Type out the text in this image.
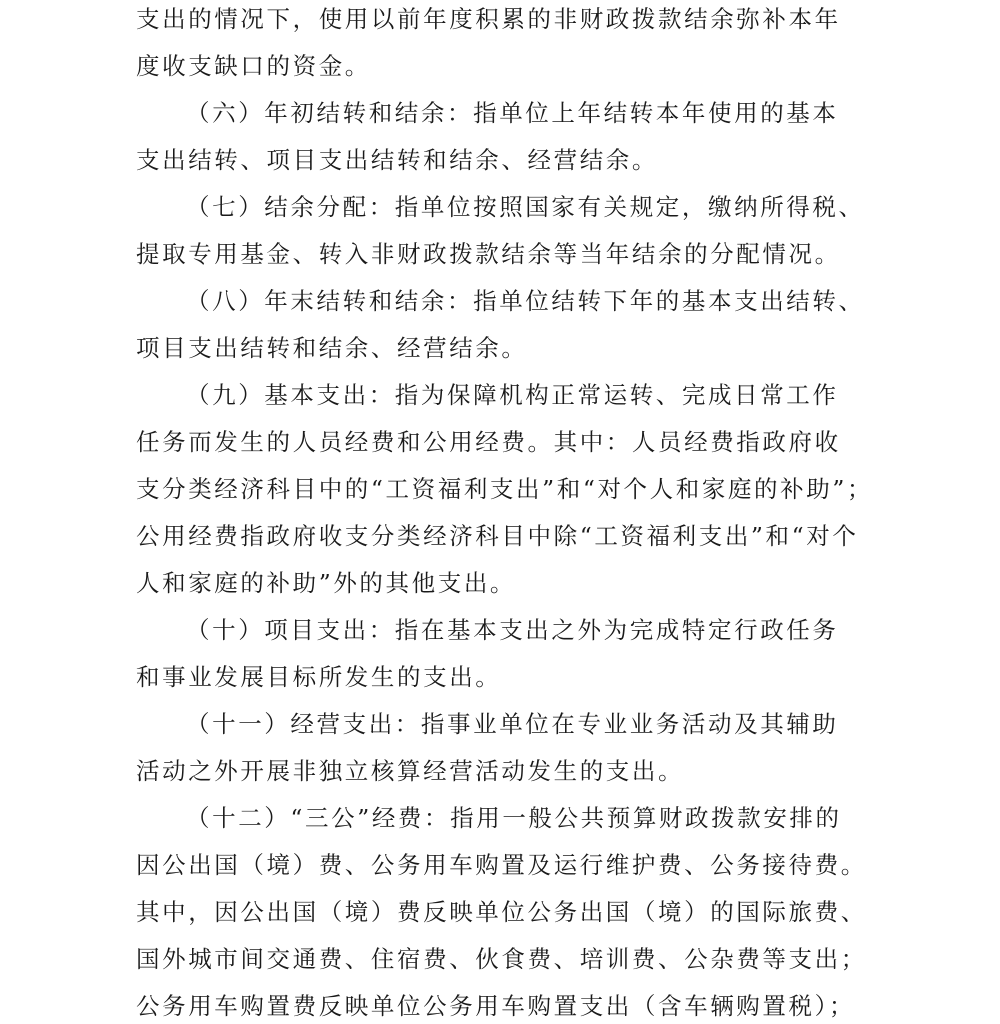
支出的情况下，使用以前年度积累的非财政拨款结余弥补本年
度收支缺口的资金。
（六）年初结转和结余：指单位上年结转本年使用的基本
支出结转、项目支出结转和结余、经营结余。
（七）结余分配：指单位按照国家有关规定，缴纳所得税、
提取专用基金、转入非财政拨款结余等当年结余的分配情况。
（八）年末结转和结余：指单位结转下年的基本支出结转、
项目支出结转和结余、经营结余。
（九）基本支出：指为保障机构正常运转、完成日常工作
任务而发生的人员经费和公用经费。其中：人员经费指政府收
支分类经济科目中的“工资福利支出”和“对个人和家庭的补助”；
公用经费指政府收支分类经济科目中除“工资福利支出”和“对个
人和家庭的补助”外的其他支出。
（十）项目支出：指在基本支出之外为完成特定行政任务
和事业发展目标所发生的支出。
（十一）经营支出：指事业单位在专业业务活动及其辅助
活动之外开展非独立核算经营活动发生的支出。
（十二）“三公”经费：指用一般公共预算财政拨款安排的
因公出国（境）费、公务用车购置及运行维护费、公务接待费。
其中，因公出国（境）费反映单位公务出国（境）的国际旅费、
国外城市间交通费、住宿费、伙食费、培训费、公杂费等支出；
公务用车购置费反映单位公务用车购置支出（含车辆购置税）；
